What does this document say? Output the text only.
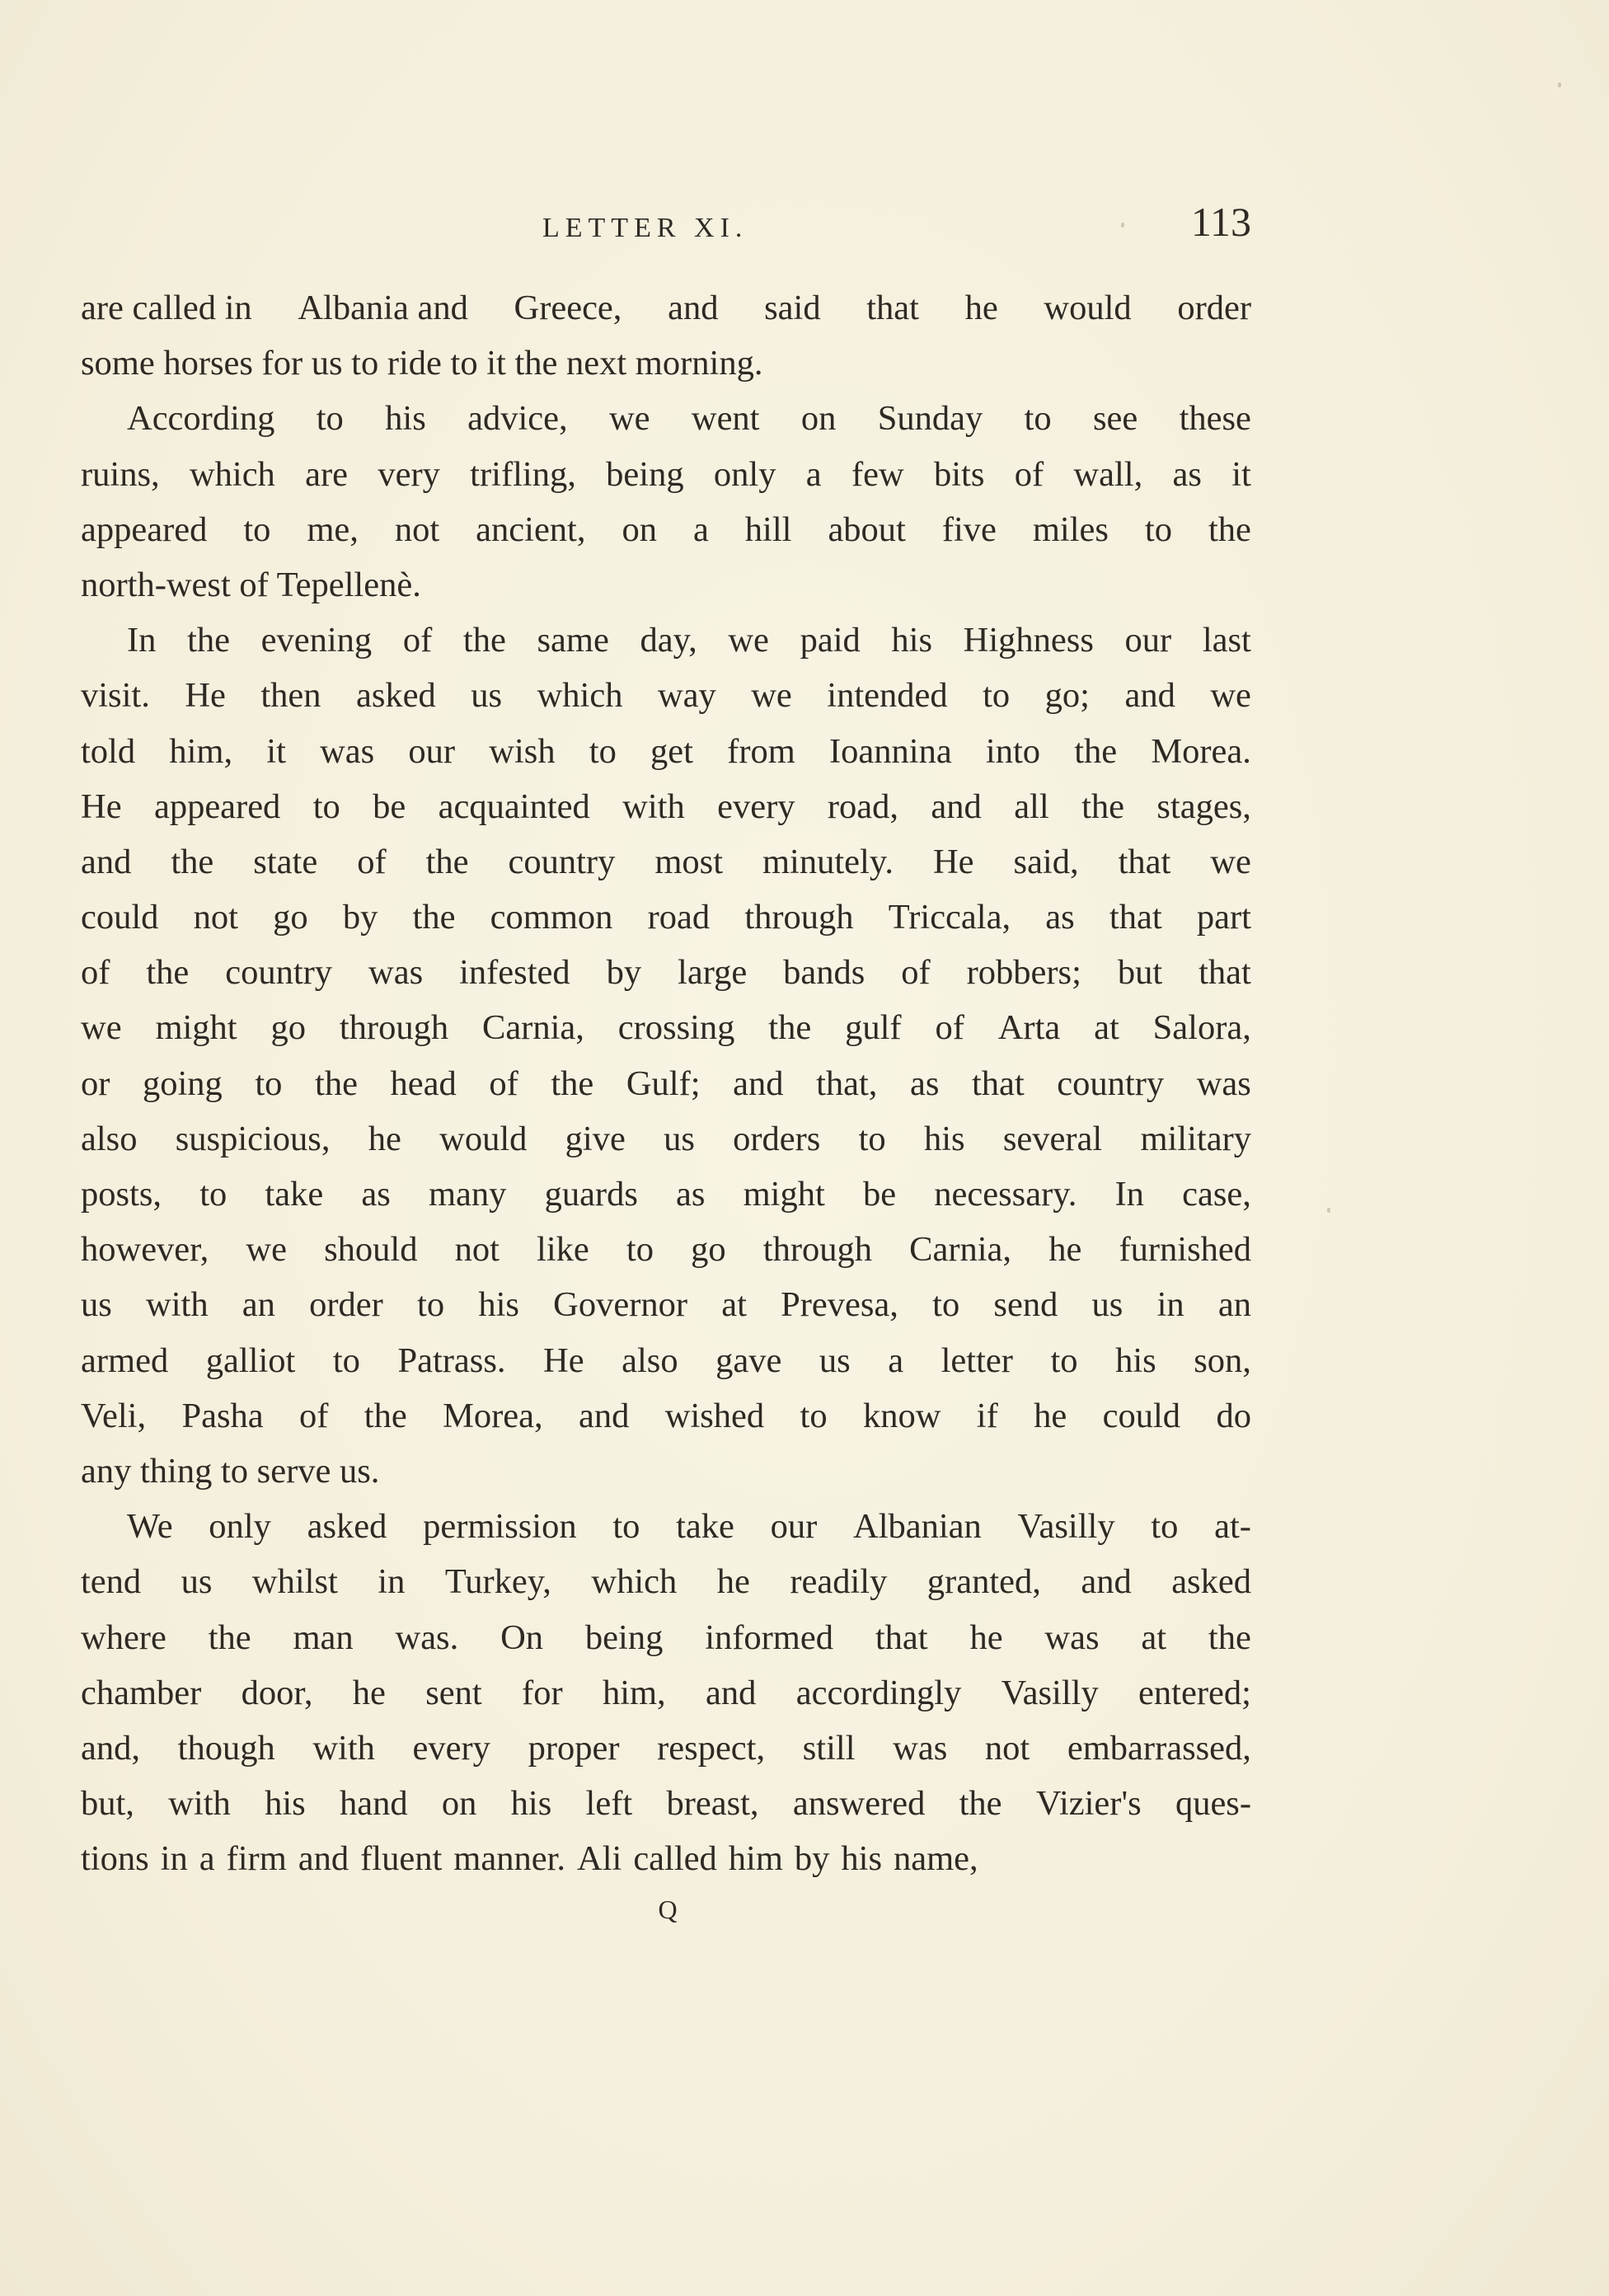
LETTER XI.	113
are called in Albania and Greece, and said that he would order
some horses for us to ride to it the next morning.
According to his advice, we went on Sunday to see these
ruins, which are very trifling, being only a few bits of wall, as it
appeared to me, not ancient, on a hill about five miles to the
north-west of Tepellenè.
In the evening of the same day, we paid his Highness our last
visit. He then asked us which way we intended to go; and we
told him, it was our wish to get from Ioannina into the Morea.
He appeared to be acquainted with every road, and all the stages,
and the state of the country most minutely. He said, that we
could not go by the common road through Triccala, as that part
of the country was infested by large bands of robbers; but that
we might go through Carnia, crossing the gulf of Arta at Salora,
or going to the head of the Gulf; and that, as that country was
also suspicious, he would give us orders to his several military
posts, to take as many guards as might be necessary. In case,
however, we should not like to go through Carnia, he furnished
us with an order to his Governor at Prevesa, to send us in an
armed galliot to Patrass. He also gave us a letter to his son,
Veli, Pasha of the Morea, and wished to know if he could do
any thing to serve us.
We only asked permission to take our Albanian Vasilly to at-
tend us whilst in Turkey, which he readily granted, and asked
where the man was. On being informed that he was at the
chamber door, he sent for him, and accordingly Vasilly entered;
and, though with every proper respect, still was not embarrassed,
but, with his hand on his left breast, answered the Vizier's ques-
tions in a firm and fluent manner. Ali called him by his name,
Q
